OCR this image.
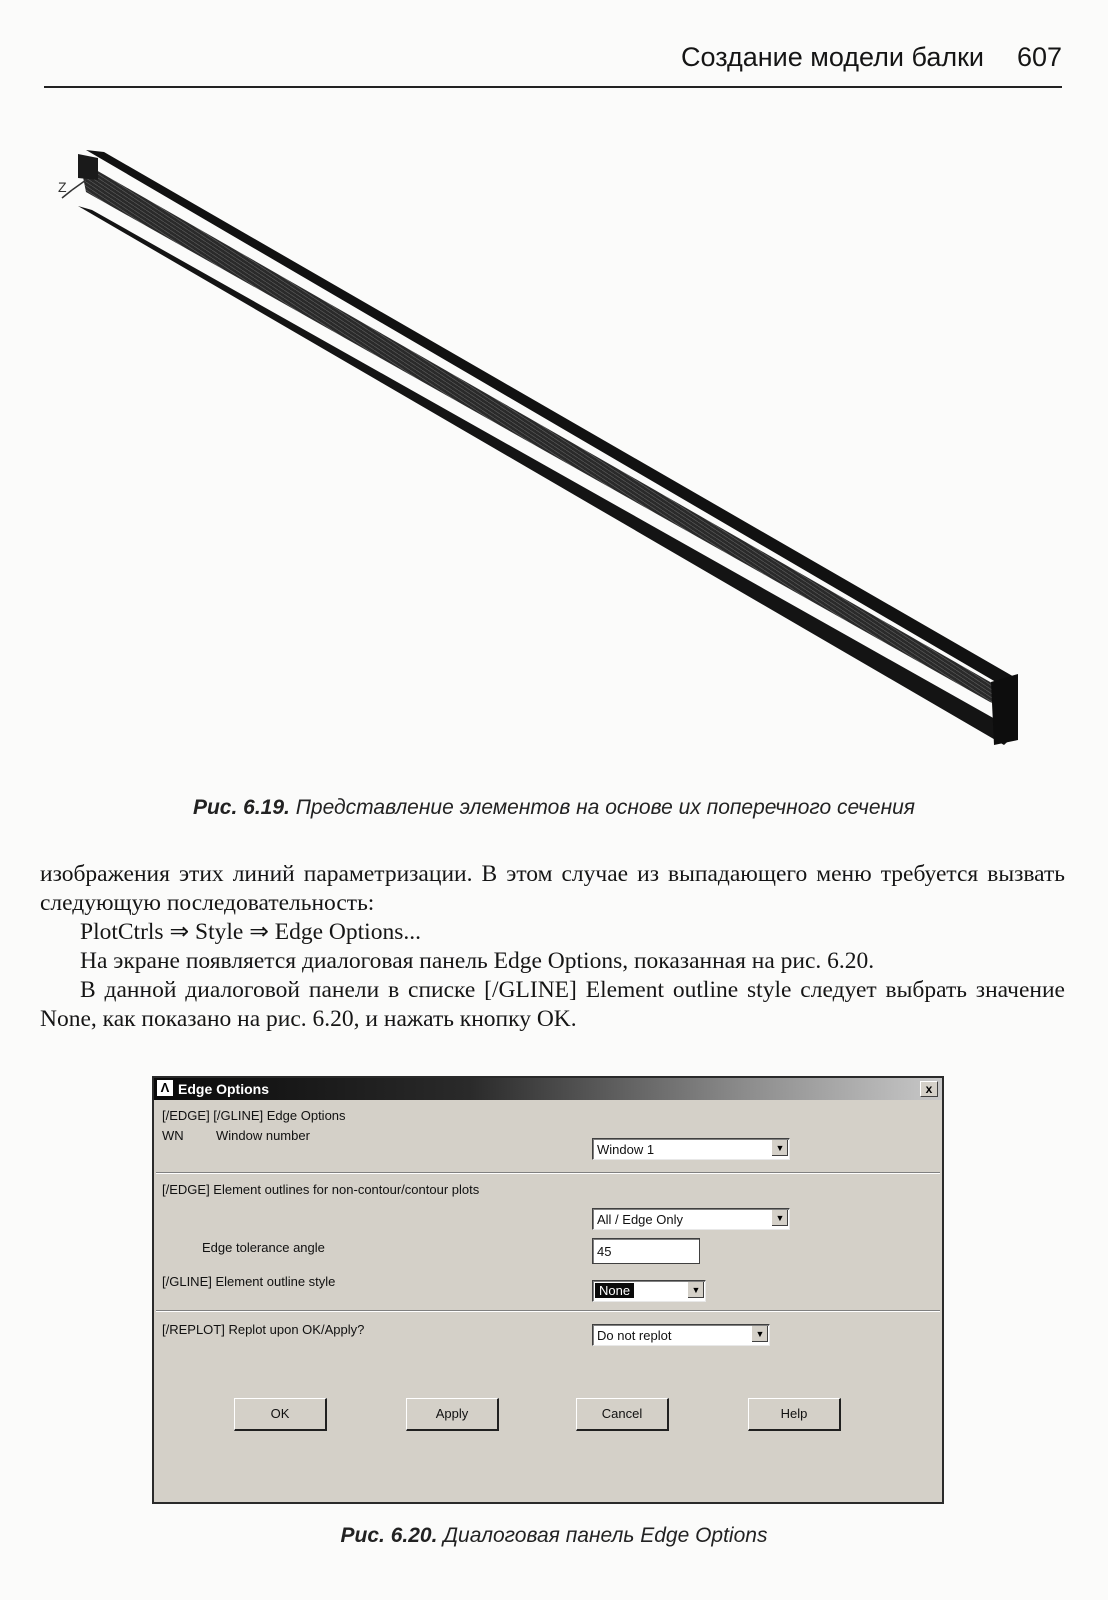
Создание модели балки 607
Z
Рис. 6.19. Представление элементов на основе их поперечного сечения

изображения этих линий параметризации. В этом случае из выпадающего меню требуется вызвать следующую последовательность:

PlotCtrls ⇒ Style ⇒ Edge Options...

На экране появляется диалоговая панель Edge Options, показанная на рис. 6.20.

В данной диалоговой панели в списке [/GLINE] Element outline style следует выбрать значение None, как показано на рис. 6.20, и нажать кнопку OK.

Λ Edge Options	x
[/EDGE] [/GLINE] Edge Options
WN Window number
Window 1	▼
[/EDGE] Element outlines for non-contour/contour plots
All / Edge Only	▼
Edge tolerance angle	45
[/GLINE] Element outline style
None	▼
[/REPLOT] Replot upon OK/Apply?	Do not replot	▼
OK	Apply	Cancel	Help
Рис. 6.20. Диалоговая панель Edge Options
